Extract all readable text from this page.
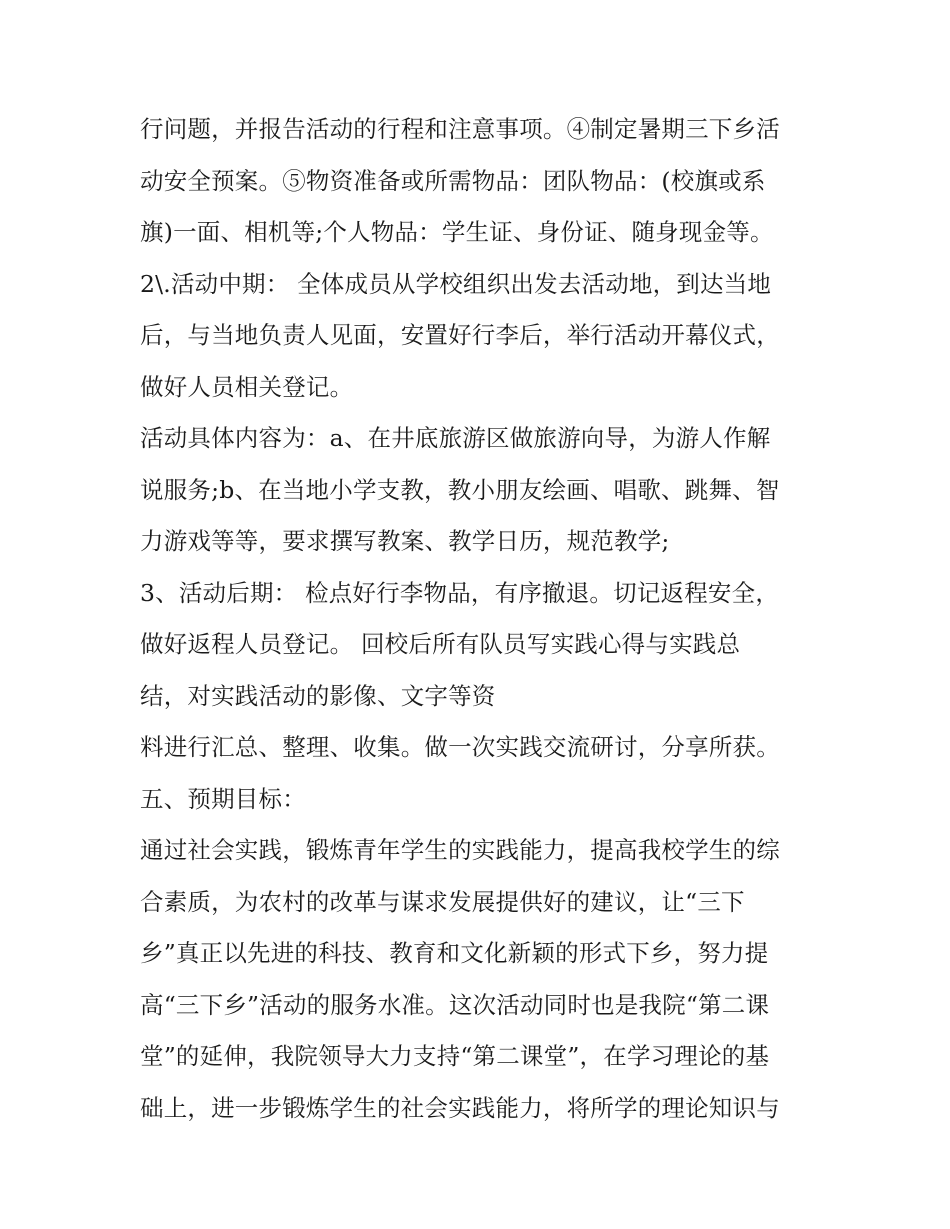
行问题，并报告活动的行程和注意事项。④制定暑期三下乡活
动安全预案。⑤物资准备或所需物品：团队物品：(校旗或系
旗)一面、相机等;个人物品：学生证、身份证、随身现金等。
2\.活动中期： 全体成员从学校组织出发去活动地，到达当地
后，与当地负责人见面，安置好行李后，举行活动开幕仪式，
做好人员相关登记。
活动具体内容为：a、在井底旅游区做旅游向导，为游人作解
说服务;b、在当地小学支教，教小朋友绘画、唱歌、跳舞、智
力游戏等等，要求撰写教案、教学日历，规范教学;
3、活动后期： 检点好行李物品，有序撤退。切记返程安全，
做好返程人员登记。 回校后所有队员写实践心得与实践总
结，对实践活动的影像、文字等资
料进行汇总、整理、收集。做一次实践交流研讨，分享所获。
五、预期目标：
通过社会实践，锻炼青年学生的实践能力，提高我校学生的综
合素质，为农村的改革与谋求发展提供好的建议，让“三下
乡”真正以先进的科技、教育和文化新颖的形式下乡，努力提
高“三下乡”活动的服务水准。这次活动同时也是我院“第二课
堂”的延伸，我院领导大力支持“第二课堂”，在学习理论的基
础上，进一步锻炼学生的社会实践能力，将所学的理论知识与
